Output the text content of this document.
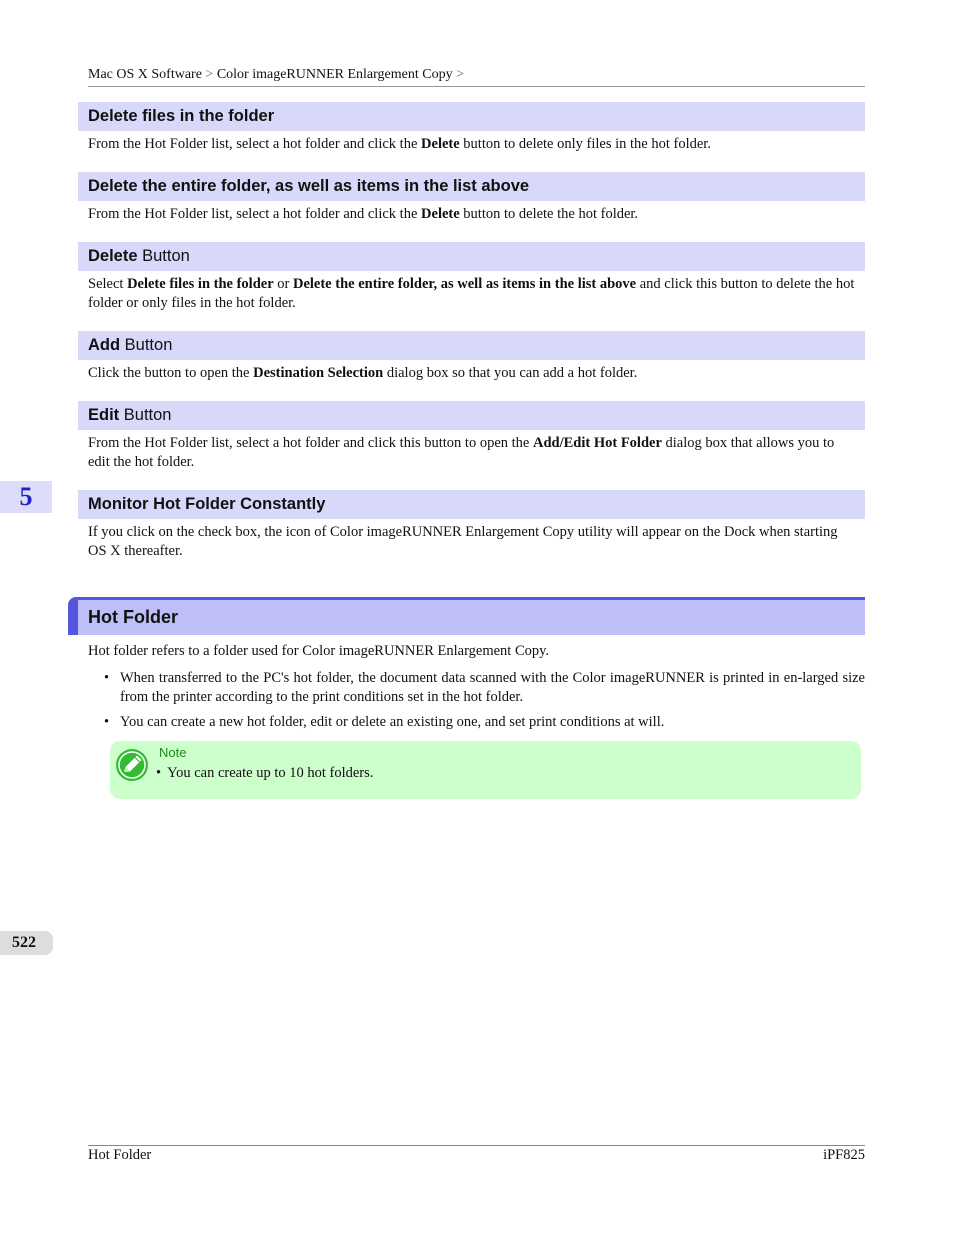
Mac OS X Software > Color imageRUNNER Enlargement Copy >
Delete files in the folder
From the Hot Folder list, select a hot folder and click the Delete button to delete only files in the hot folder.
Delete the entire folder, as well as items in the list above
From the Hot Folder list, select a hot folder and click the Delete button to delete the hot folder.
Delete Button
Select Delete files in the folder or Delete the entire folder, as well as items in the list above and click this button to delete the hot folder or only files in the hot folder.
Add Button
Click the button to open the Destination Selection dialog box so that you can add a hot folder.
Edit Button
From the Hot Folder list, select a hot folder and click this button to open the Add/Edit Hot Folder dialog box that allows you to edit the hot folder.
5	Monitor Hot Folder Constantly
If you click on the check box, the icon of Color imageRUNNER Enlargement Copy utility will appear on the Dock when starting OS X thereafter.
Hot Folder
Hot folder refers to a folder used for Color imageRUNNER Enlargement Copy.
• When transferred to the PC's hot folder, the document data scanned with the Color imageRUNNER is printed in en-larged size from the printer according to the print conditions set in the hot folder.
• You can create a new hot folder, edit or delete an existing one, and set print conditions at will.
Note
• You can create up to 10 hot folders.
522
Hot Folder	iPF825
